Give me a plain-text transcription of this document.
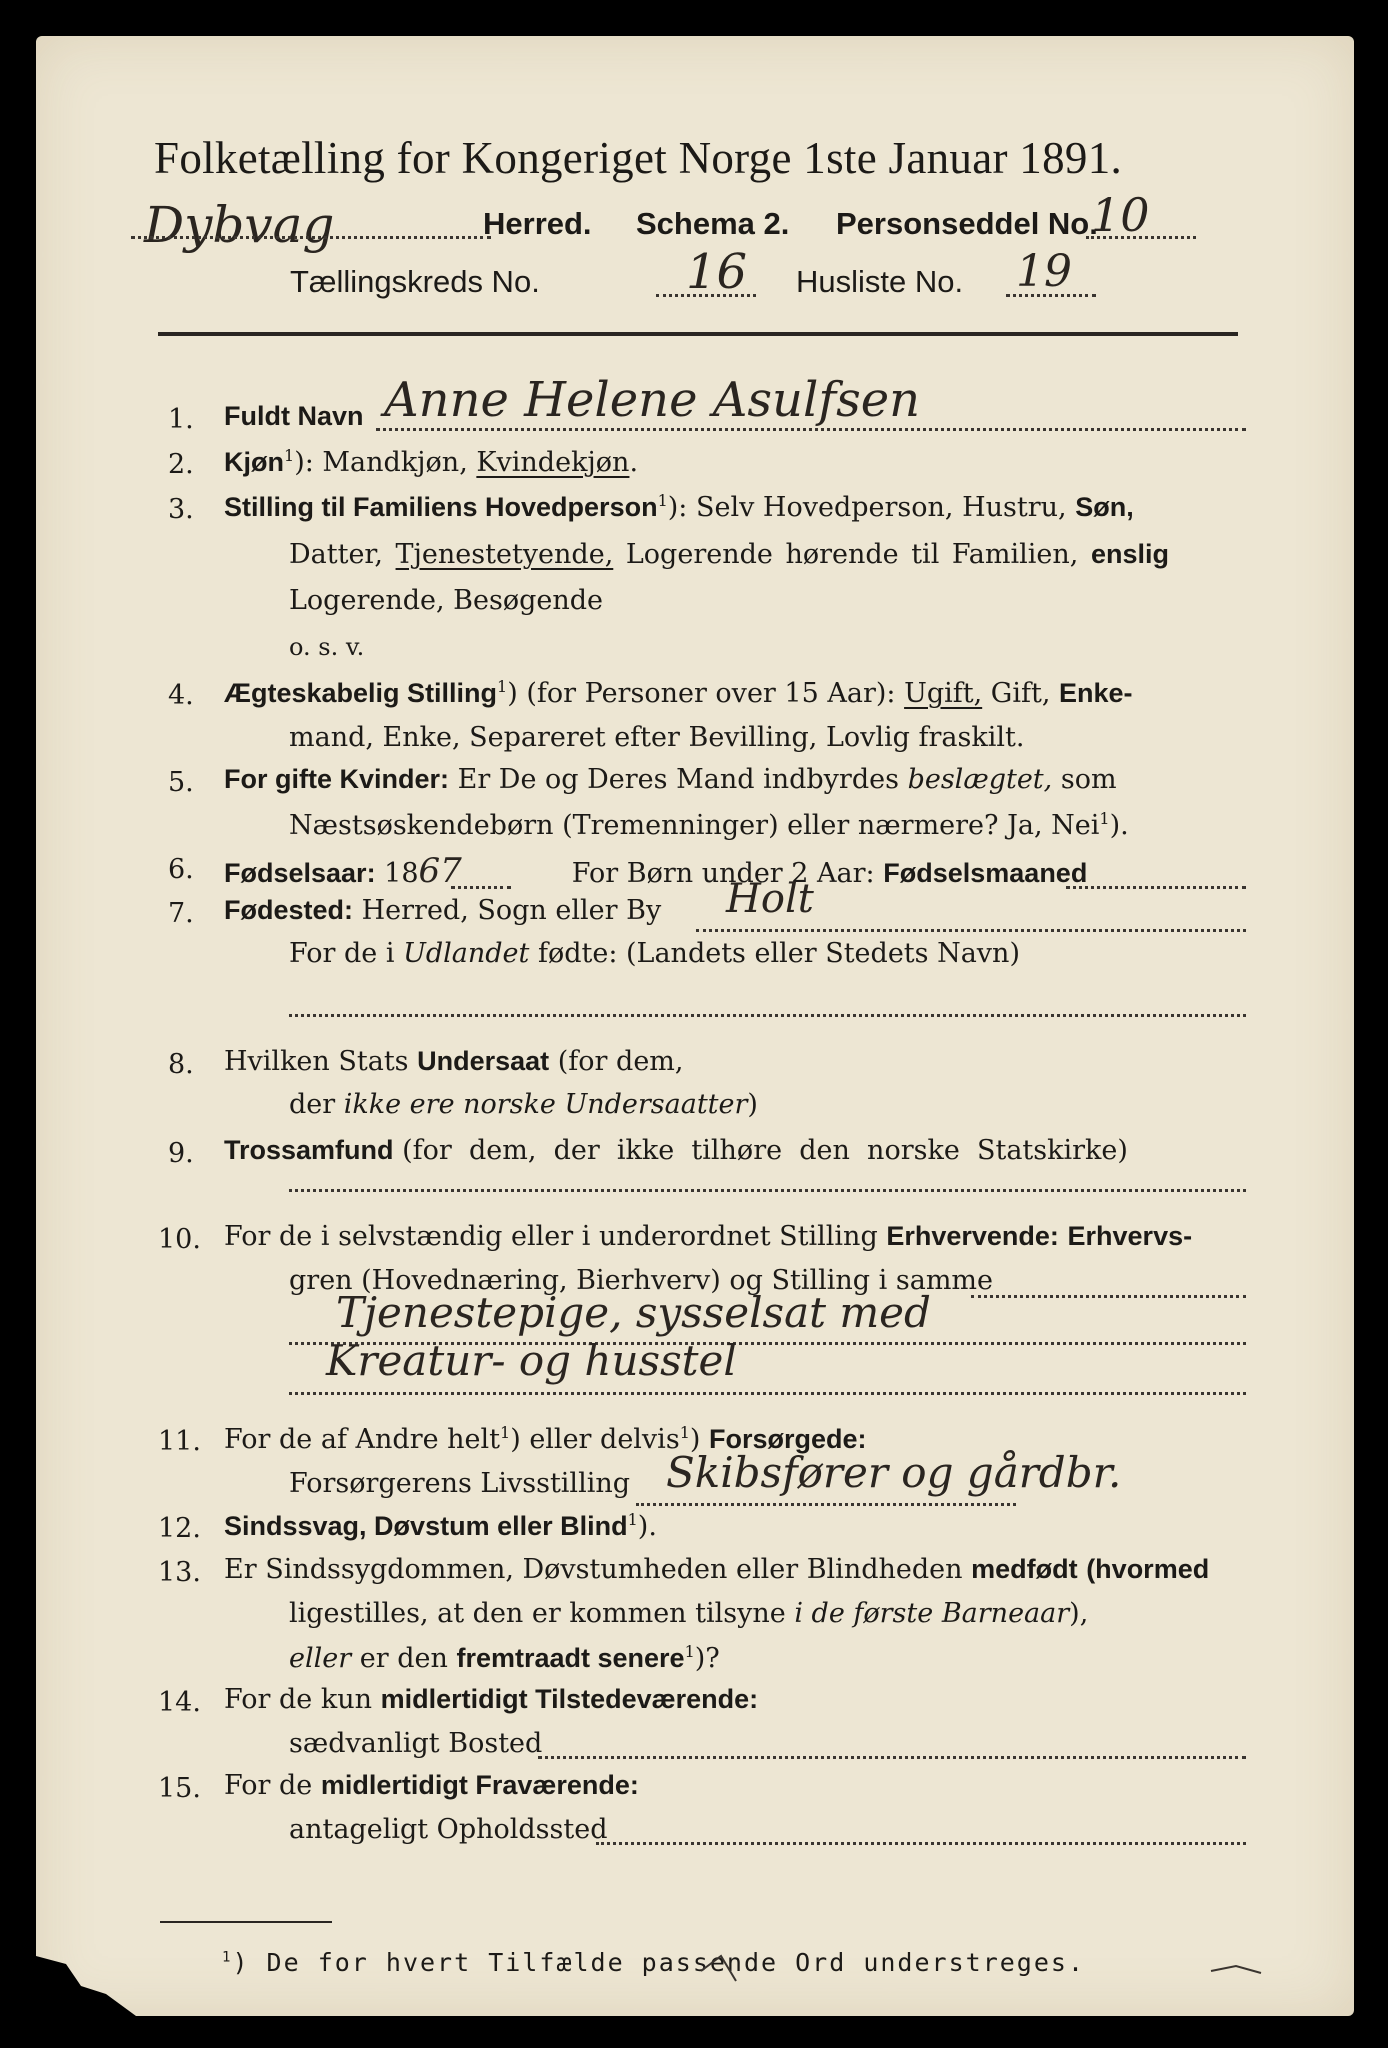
Folketælling for Kongeriget Norge 1ste Januar 1891.
Dybvag	Herred. Schema 2. Personseddel No.
10
Tællingskreds No.	16 Husliste No. 19
1. Fuldt Navn Anne Helene Asulfsen
2. Kjøn$^1$): Mandkjøn, Kvindekjøn.
3. Stilling til Familiens Hovedperson$^1$): Selv Hovedperson, Hustru, Søn,
Datter, Tjenestetyende, Logerende hørende til Familien, enslig
Logerende, Besøgende
o. s. v.
4. Ægteskabelig Stilling$^1$) (for Personer over 15 Aar): Ugift, Gift, Enke-
mand, Enke, Separeret efter Bevilling, Lovlig fraskilt.
5. For gifte Kvinder: Er De og Deres Mand indbyrdes beslægtet, som
Næstsøskendebørn (Tremenninger) eller nærmere? Ja, Nei$^1$).
6. Fødselsaar: 1867	For Børn under 2 Aar: Fødselsmaaned
7. Fødested: Herred, Sogn eller By Holt
For de i Udlandet fødte: (Landets eller Stedets Navn)
8. Hvilken Stats Undersaat (for dem,
der ikke ere norske Undersaatter)
9. Trossamfund (for  dem,  der  ikke  tilhøre  den  norske  Statskirke)
10. For de i selvstændig eller i underordnet Stilling Erhvervende: Erhvervs-
gren (Hovednæring, Bierhverv) og Stilling i samme
Tjenestepige, sysselsat med
Kreatur- og husstel
11. For de af Andre helt$^1$) eller delvis$^1$) Forsørgede:
Forsørgerens Livsstilling Skibsfører og gårdbr.
12. Sindssvag, Døvstum eller Blind$^1$).
13. Er Sindssygdommen, Døvstumheden eller Blindheden medfødt (hvormed
ligestilles, at den er kommen tilsyne i de første Barneaar),
eller er den fremtraadt senere$^1$)?
14. For de kun midlertidigt Tilstedeværende:
sædvanligt Bosted
15. For de midlertidigt Fraværende:
antageligt Opholdssted
$^1$) De for hvert Tilfælde passende Ord understreges.
